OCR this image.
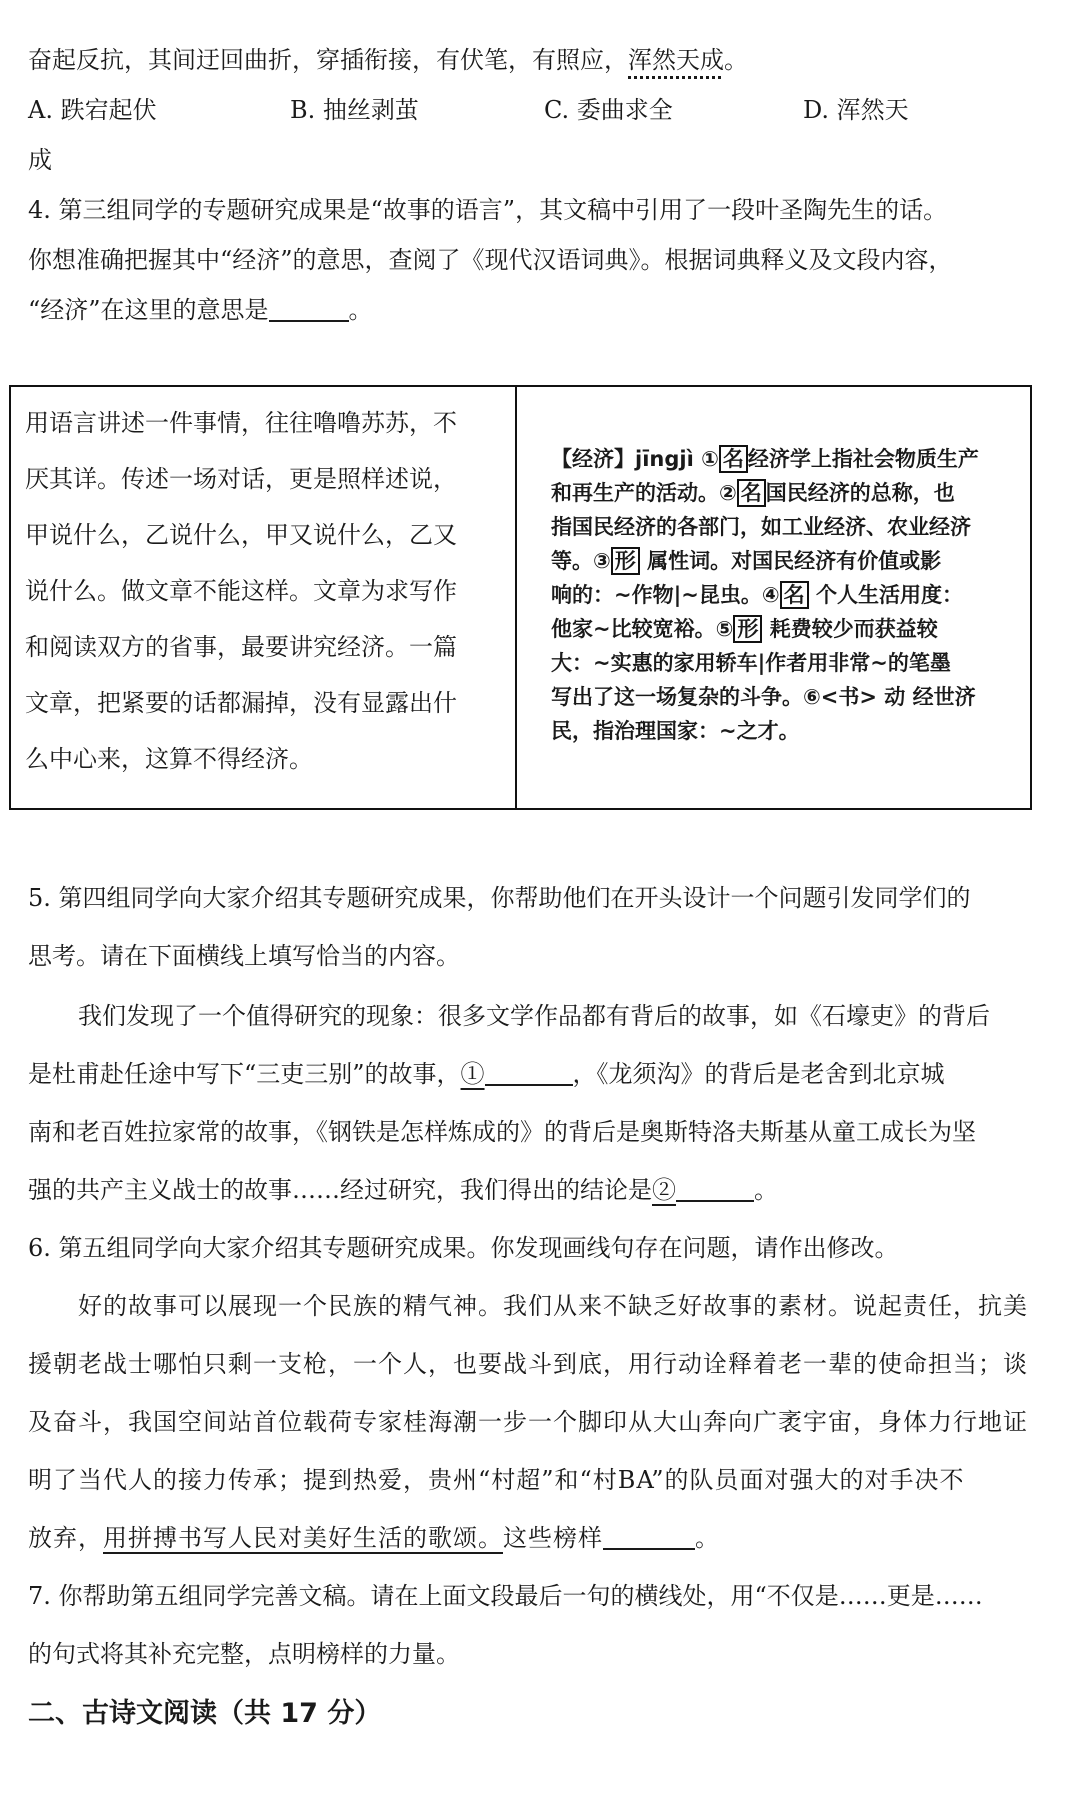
奋起反抗，其间迂回曲折，穿插衔接，有伏笔，有照应，浑然天成。
A. 跌宕起伏	B. 抽丝剥茧	C. 委曲求全	D. 浑然天
成
4. 第三组同学的专题研究成果是“故事的语言”，其文稿中引用了一段叶圣陶先生的话。
你想准确把握其中“经济”的意思，查阅了《现代汉语词典》。根据词典释义及文段内容，
“经济”在这里的意思是	。
用语言讲述一件事情，往往噜噜苏苏，不
厌其详。传述一场对话，更是照样述说，
甲说什么，乙说什么，甲又说什么，乙又
说什么。做文章不能这样。文章为求写作
和阅读双方的省事，最要讲究经济。一篇
文章，把紧要的话都漏掉，没有显露出什
么中心来，这算不得经济。
【经济】jīngjì ① 名 经济学上指社会物质生产
和再生产的活动。② 名 国民经济的总称，也
指国民经济的各部门，如工业经济、农业经济
等。③ 形 属性词。对国民经济有价值或影
响的：~作物|~昆虫。④ 名 个人生活用度：
他家~比较宽裕。⑤ 形 耗费较少而获益较
大：~实惠的家用轿车|作者用非常~的笔墨
写出了这一场复杂的斗争。⑥<书> 动 经世济
民，指治理国家：~之才。
5. 第四组同学向大家介绍其专题研究成果，你帮助他们在开头设计一个问题引发同学们的
思考。请在下面横线上填写恰当的内容。
我们发现了一个值得研究的现象：很多文学作品都有背后的故事，如《石壕吏》的背后
是杜甫赴任途中写下“三吏三别”的故事，①	，《龙须沟》的背后是老舍到北京城
南和老百姓拉家常的故事，《钢铁是怎样炼成的》的背后是奥斯特洛夫斯基从童工成长为坚
强的共产主义战士的故事……经过研究，我们得出的结论是②	。
6. 第五组同学向大家介绍其专题研究成果。你发现画线句存在问题，请作出修改。
好的故事可以展现一个民族的精气神。我们从来不缺乏好故事的素材。说起责任，抗美
援朝老战士哪怕只剩一支枪，一个人，也要战斗到底，用行动诠释着老一辈的使命担当；谈
及奋斗，我国空间站首位载荷专家桂海潮一步一个脚印从大山奔向广袤宇宙，身体力行地证
明了当代人的接力传承；提到热爱，贵州“村超”和“村BA”的队员面对强大的对手决不
放弃，用拼搏书写人民对美好生活的歌颂。这些榜样	。
7. 你帮助第五组同学完善文稿。请在上面文段最后一句的横线处，用“不仅是……更是……
的句式将其补充完整，点明榜样的力量。
二、古诗文阅读（共 17 分）
